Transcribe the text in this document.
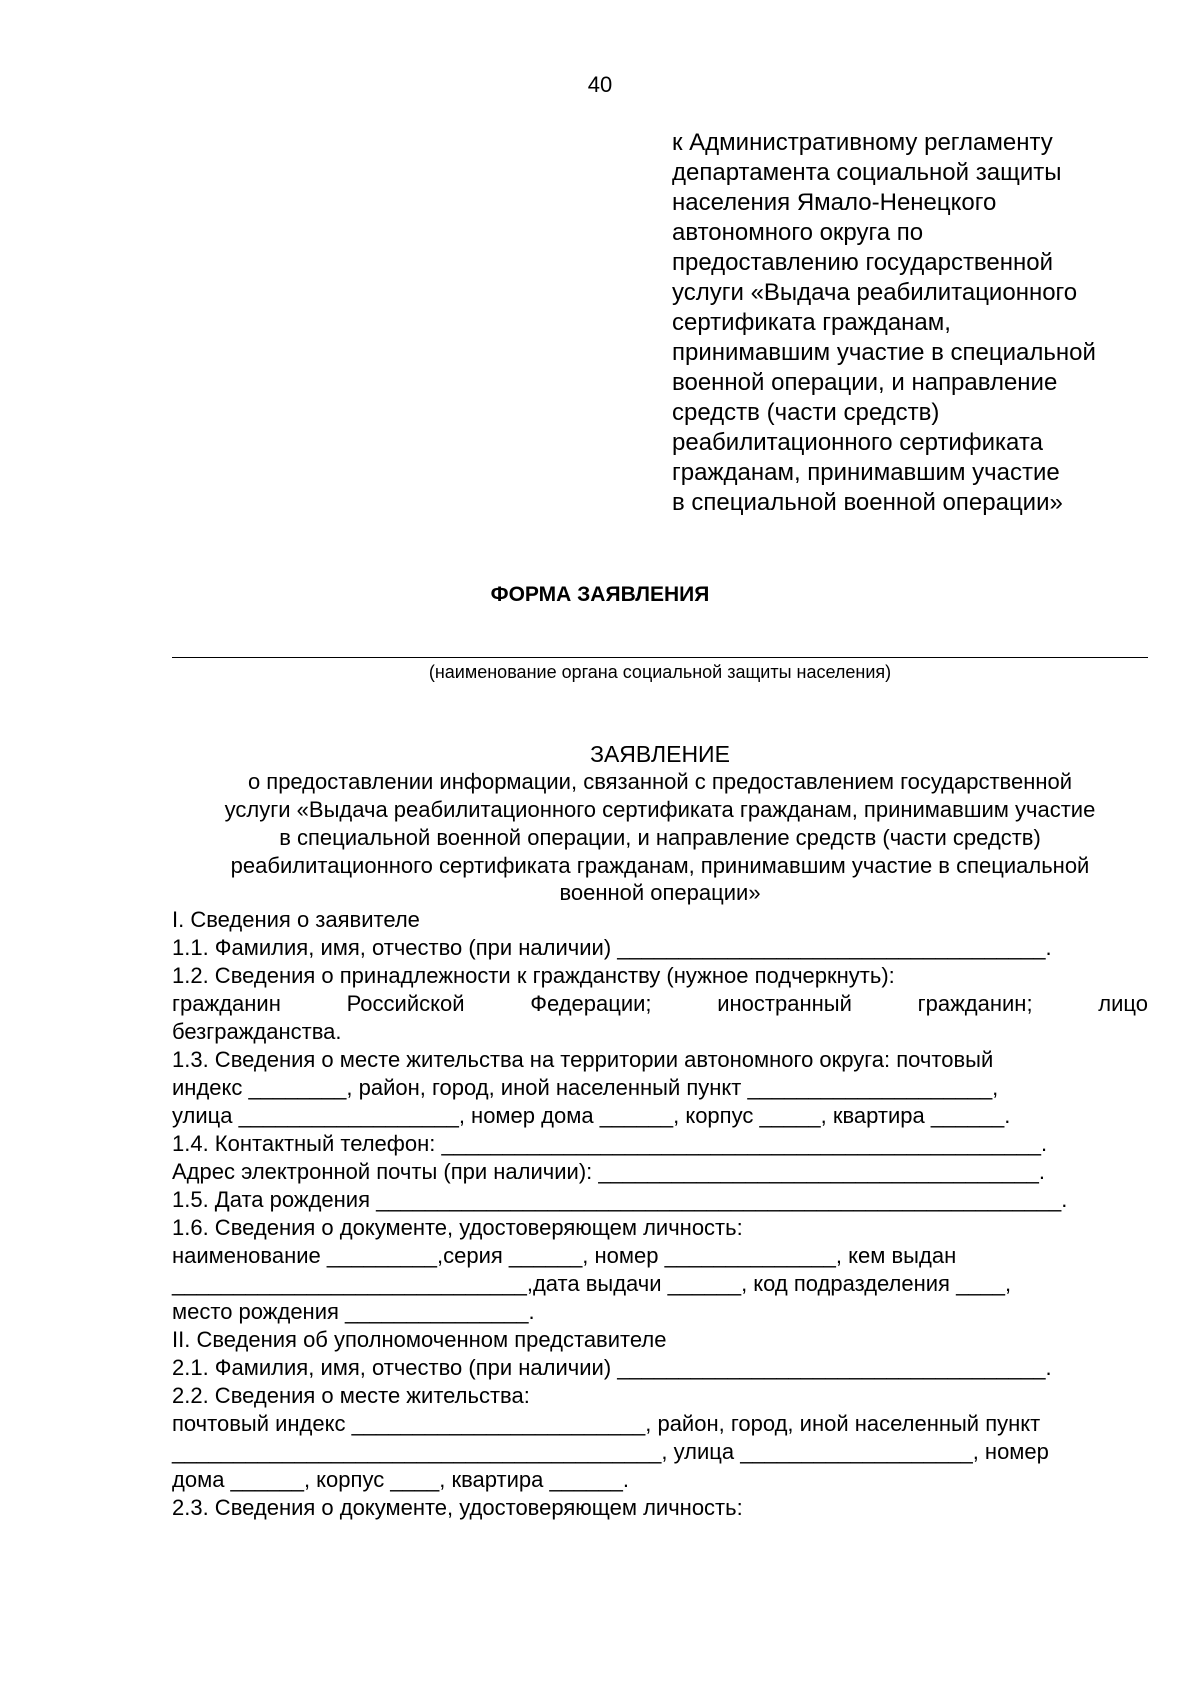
40
к Административному регламенту
департамента социальной защиты
населения Ямало-Ненецкого
автономного округа по
предоставлению государственной
услуги «Выдача реабилитационного
сертификата гражданам,
принимавшим участие в специальной
военной операции, и направление
средств (части средств)
реабилитационного сертификата
гражданам, принимавшим участие
в специальной военной операции»
ФОРМА ЗАЯВЛЕНИЯ
(наименование органа социальной защиты населения)
ЗАЯВЛЕНИЕ
о предоставлении информации, связанной с предоставлением государственной
услуги «Выдача реабилитационного сертификата гражданам, принимавшим участие
в специальной военной операции, и направление средств (части средств)
реабилитационного сертификата гражданам, принимавшим участие в специальной
военной операции»
I. Сведения о заявителе
1.1. Фамилия, имя, отчество (при наличии) ___________________________________.
1.2. Сведения о принадлежности к гражданству (нужное подчеркнуть):
гражданин Российской Федерации; иностранный гражданин; лицо
безгражданства.
1.3. Сведения о месте жительства на территории автономного округа: почтовый
индекс ________, район, город, иной населенный пункт ____________________,
улица __________________, номер дома ______, корпус _____, квартира ______.
1.4. Контактный телефон: _________________________________________________.
Адрес электронной почты (при наличии): ____________________________________.
1.5. Дата рождения ________________________________________________________.
1.6. Сведения о документе, удостоверяющем личность:
наименование _________,серия ______, номер ______________, кем выдан
_____________________________,дата выдачи ______, код подразделения ____,
место рождения _______________.
II. Сведения об уполномоченном представителе
2.1. Фамилия, имя, отчество (при наличии) ___________________________________.
2.2. Сведения о месте жительства:
почтовый индекс ________________________, район, город, иной населенный пункт
________________________________________, улица ___________________, номер
дома ______, корпус ____, квартира ______.
2.3. Сведения о документе, удостоверяющем личность:
